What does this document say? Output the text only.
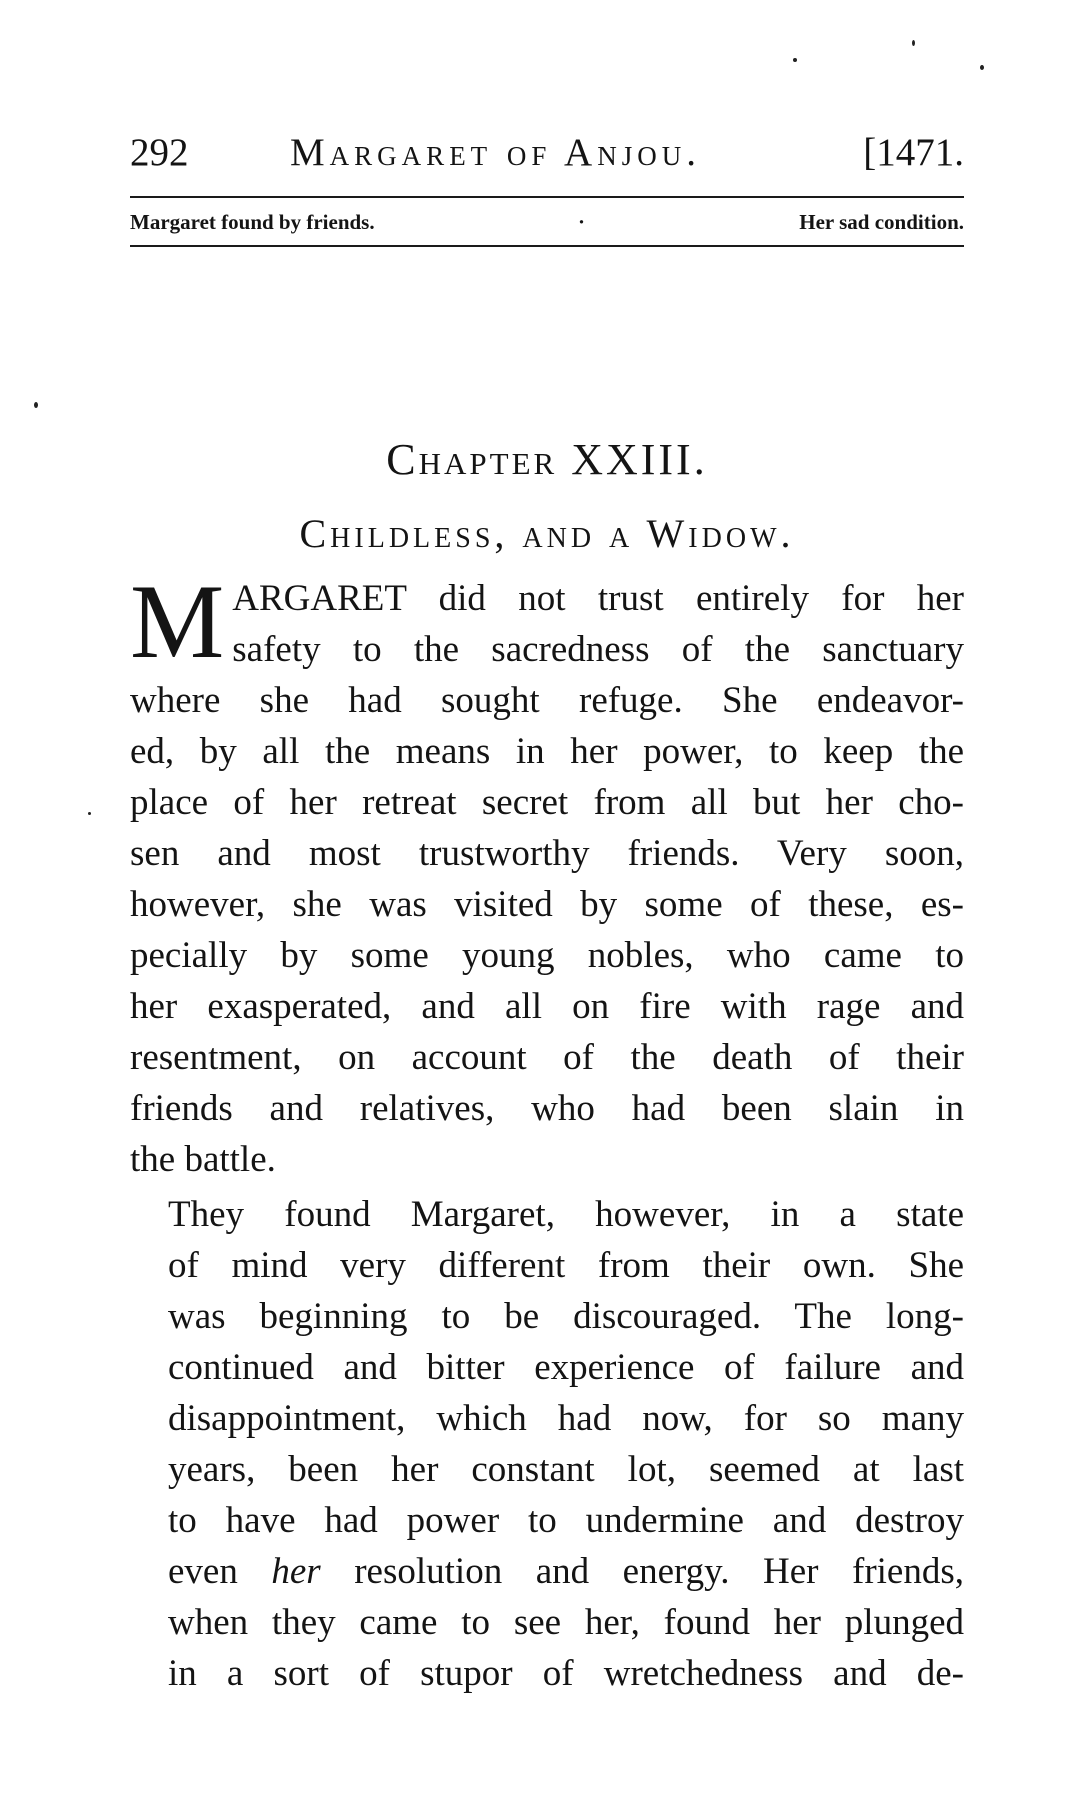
292	Margaret of Anjou.	[1471.
Margaret found by friends.	·	Her sad condition.
Chapter XXIII.
Childless, and a Widow.
M ARGARET did not trust entirely for her
safety to the sacredness of the sanctuary
where she had sought refuge. She endeavor-
ed, by all the means in her power, to keep the
place of her retreat secret from all but her cho-
sen and most trustworthy friends. Very soon,
however, she was visited by some of these, es-
pecially by some young nobles, who came to
her exasperated, and all on fire with rage and
resentment, on account of the death of their
friends and relatives, who had been slain in
the battle.
They found Margaret, however, in a state
of mind very different from their own. She
was beginning to be discouraged. The long-
continued and bitter experience of failure and
disappointment, which had now, for so many
years, been her constant lot, seemed at last
to have had power to undermine and destroy
even her resolution and energy. Her friends,
when they came to see her, found her plunged
in a sort of stupor of wretchedness and de-
